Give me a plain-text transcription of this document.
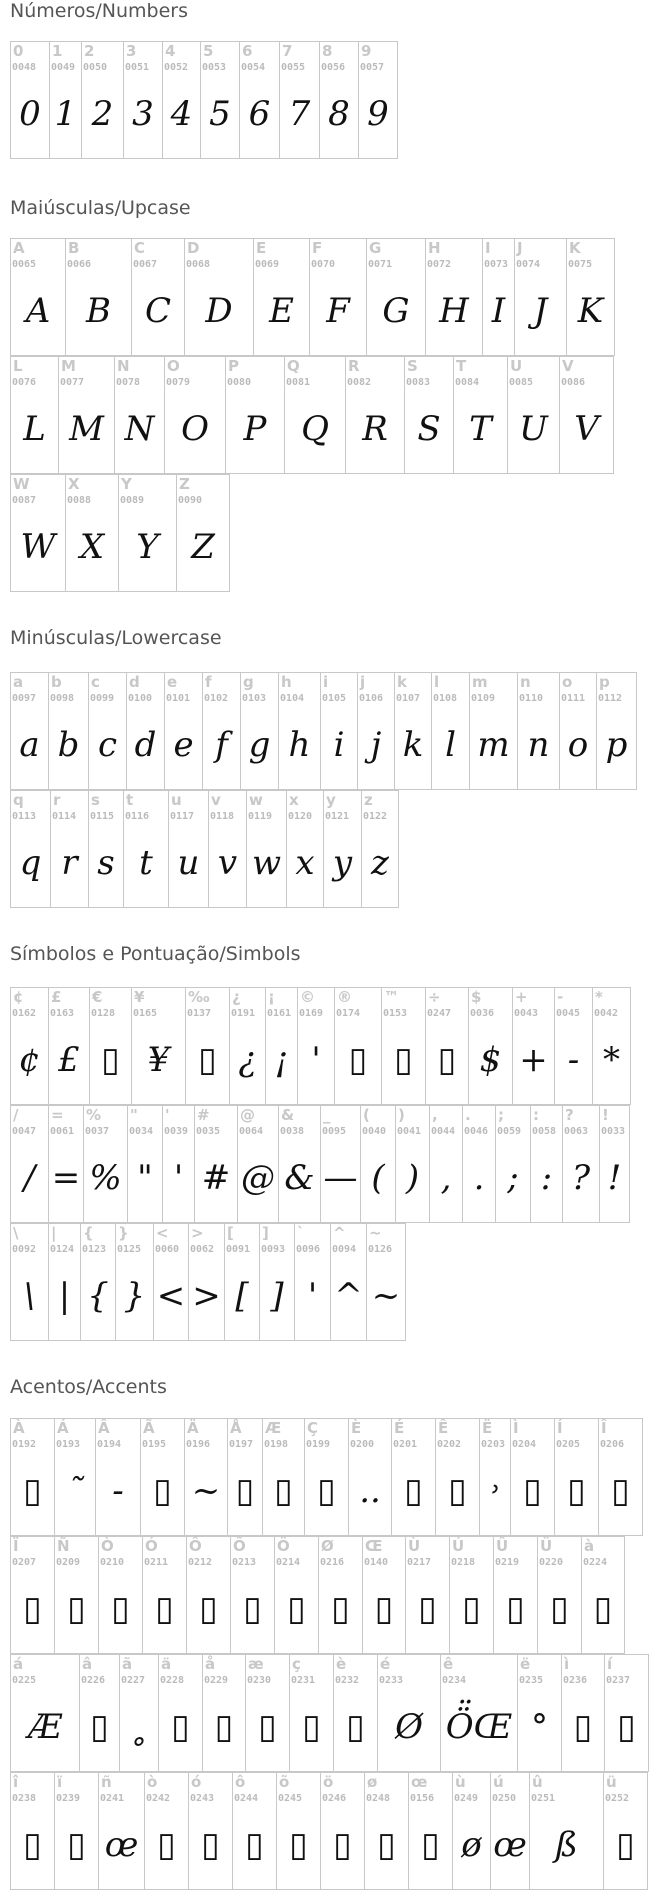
Números/Numbers
0
0048
0
1
0049
1
2
0050
2
3
0051
3
4
0052
4
5
0053
5
6
0054
6
7
0055
7
8
0056
8
9
0057
9
Maiúsculas/Upcase
A
0065
A
B
0066
B
C
0067
C
D
0068
D
E
0069
E
F
0070
F
G
0071
G
H
0072
H
I
0073
I
J
0074
J
K
0075
K
L
0076
L
M
0077
M
N
0078
N
O
0079
O
P
0080
P
Q
0081
Q
R
0082
R
S
0083
S
T
0084
T
U
0085
U
V
0086
V
W
0087
W
X
0088
X
Y
0089
Y
Z
0090
Z
Minúsculas/Lowercase
a
0097
a
b
0098
b
c
0099
c
d
0100
d
e
0101
e
f
0102
f
g
0103
g
h
0104
h
i
0105
i
j
0106
j
k
0107
k
l
0108
l
m
0109
m
n
0110
n
o
0111
o
p
0112
p
q
0113
q
r
0114
r
s
0115
s
t
0116
t
u
0117
u
v
0118
v
w
0119
w
x
0120
x
y
0121
y
z
0122
z
Símbolos e Pontuação/Simbols
¢
0162
¢
£
0163
£
€
0128
▯
¥
0165
¥
‰
0137
▯
¿
0191
¿
¡
0161
¡
©
0169
'
®
0174
▯
™
0153
▯
÷
0247
▯
$
0036
$
+
0043
+
-
0045
-
*
0042
*
/
0047
/
=
0061
=
%
0037
%
"
0034
"
'
0039
'
#
0035
#
@
0064
@
&
0038
&
_
0095
—
(
0040
(
)
0041
)
,
0044
,
.
0046
.
;
0059
;
:
0058
:
?
0063
?
!
0033
!
\
0092
\
|
0124
|
{
0123
{
}
0125
}
<
0060
<
>
0062
>
[
0091
[
]
0093
]
`
0096
'
^
0094
^
~
0126
~
Acentos/Accents
À
0192
▯
Á
0193
˜
Â
0194
-
Ã
0195
▯
Ä
0196
~
Å
0197
▯
Æ
0198
▯
Ç
0199
▯
È
0200
..
É
0201
▯
Ê
0202
▯
Ë
0203
˒
Ì
0204
▯
Í
0205
▯
Î
0206
▯
Ï
0207
▯
Ñ
0209
▯
Ò
0210
▯
Ó
0211
▯
Ô
0212
▯
Õ
0213
▯
Ö
0214
▯
Ø
0216
▯
Œ
0140
▯
Ù
0217
▯
Ú
0218
▯
Û
0219
▯
Ü
0220
▯
à
0224
▯
á
0225
Æ
â
0226
▯
ã
0227
˳
ä
0228
▯
å
0229
▯
æ
0230
▯
ç
0231
▯
è
0232
▯
é
0233
Ø
ê
0234
Ö̈Œ
ë
0235
°
ì
0236
▯
í
0237
▯
î
0238
▯
ï
0239
▯
ñ
0241
œ
ò
0242
▯
ó
0243
▯
ô
0244
▯
õ
0245
▯
ö
0246
▯
ø
0248
▯
œ
0156
▯
ù
0249
ø
ú
0250
œ
û
0251
ß
ü
0252
▯
